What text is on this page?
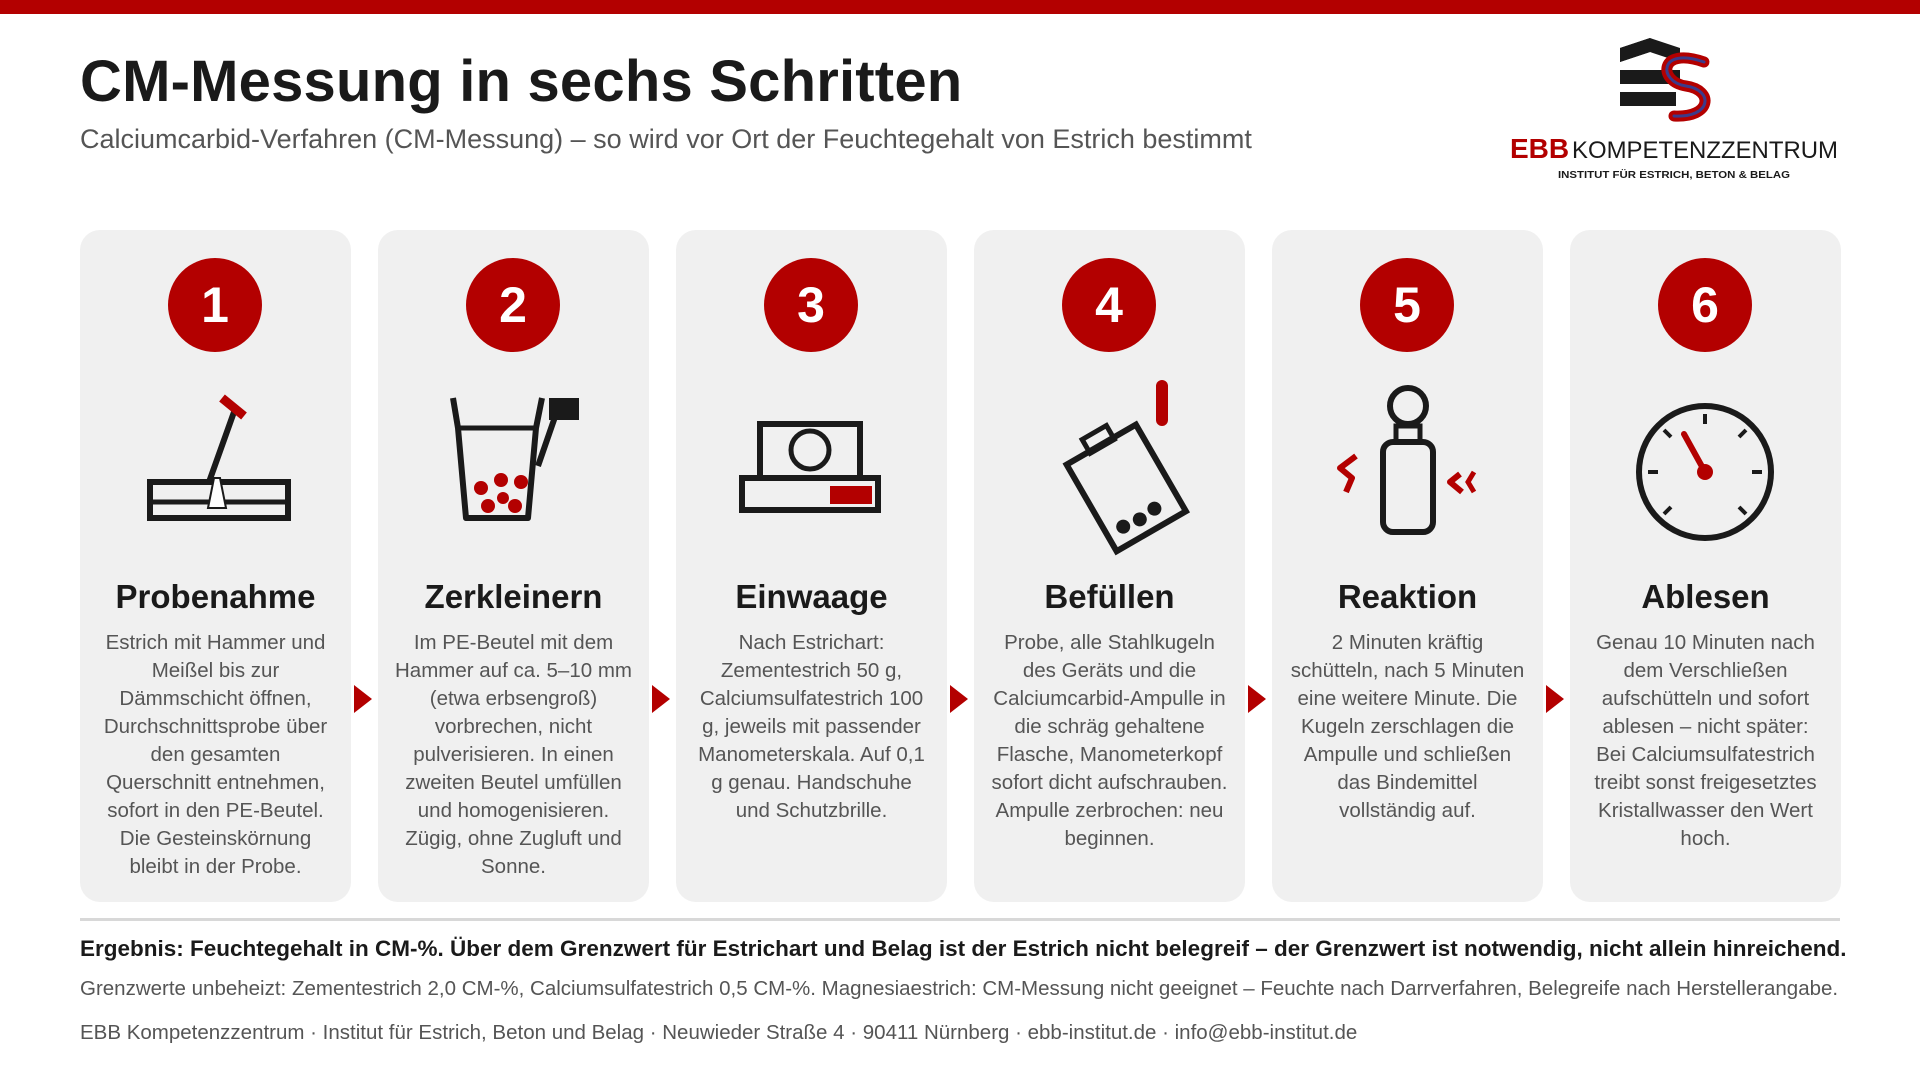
CM-Messung in sechs Schritten

Calciumcarbid-Verfahren (CM-Messung) – so wird vor Ort der Feuchtegehalt von Estrich bestimmt	EBB KOMPETENZZENTRUM
INSTITUT FÜR ESTRICH, BETON & BELAG
1
Probenahme

Estrich mit Hammer und Meißel bis zur Dämmschicht öffnen, Durchschnittsprobe über den gesamten Querschnitt entnehmen, sofort in den PE-Beutel. Die Gesteinskörnung bleibt in der Probe.

2
Zerkleinern

Im PE-Beutel mit dem Hammer auf ca. 5–10 mm (etwa erbsengroß) vorbrechen, nicht pulverisieren. In einen zweiten Beutel umfüllen und homogenisieren. Zügig, ohne Zugluft und Sonne.

3
Einwaage

Nach Estrichart: Zementestrich 50 g, Calciumsulfatestrich 100 g, jeweils mit passender Manometerskala. Auf 0,1 g genau. Handschuhe und Schutzbrille.

4
Befüllen

Probe, alle Stahlkugeln des Geräts und die Calciumcarbid-Ampulle in die schräg gehaltene Flasche, Manometerkopf sofort dicht aufschrauben. Ampulle zerbrochen: neu beginnen.

5
Reaktion

2 Minuten kräftig schütteln, nach 5 Minuten eine weitere Minute. Die Kugeln zerschlagen die Ampulle und schließen das Bindemittel vollständig auf.

6
Ablesen

Genau 10 Minuten nach dem Verschließen aufschütteln und sofort ablesen – nicht später: Bei Calciumsulfatestrich treibt sonst freigesetztes Kristallwasser den Wert hoch.

Ergebnis: Feuchtegehalt in CM-%. Über dem Grenzwert für Estrichart und Belag ist der Estrich nicht belegreif – der Grenzwert ist notwendig, nicht allein hinreichend.

Grenzwerte unbeheizt: Zementestrich 2,0 CM-%, Calciumsulfatestrich 0,5 CM-%. Magnesiaestrich: CM-Messung nicht geeignet – Feuchte nach Darrverfahren, Belegreife nach Herstellerangabe.

EBB Kompetenzzentrum · Institut für Estrich, Beton und Belag · Neuwieder Straße 4 · 90411 Nürnberg · ebb-institut.de · info@ebb-institut.de
